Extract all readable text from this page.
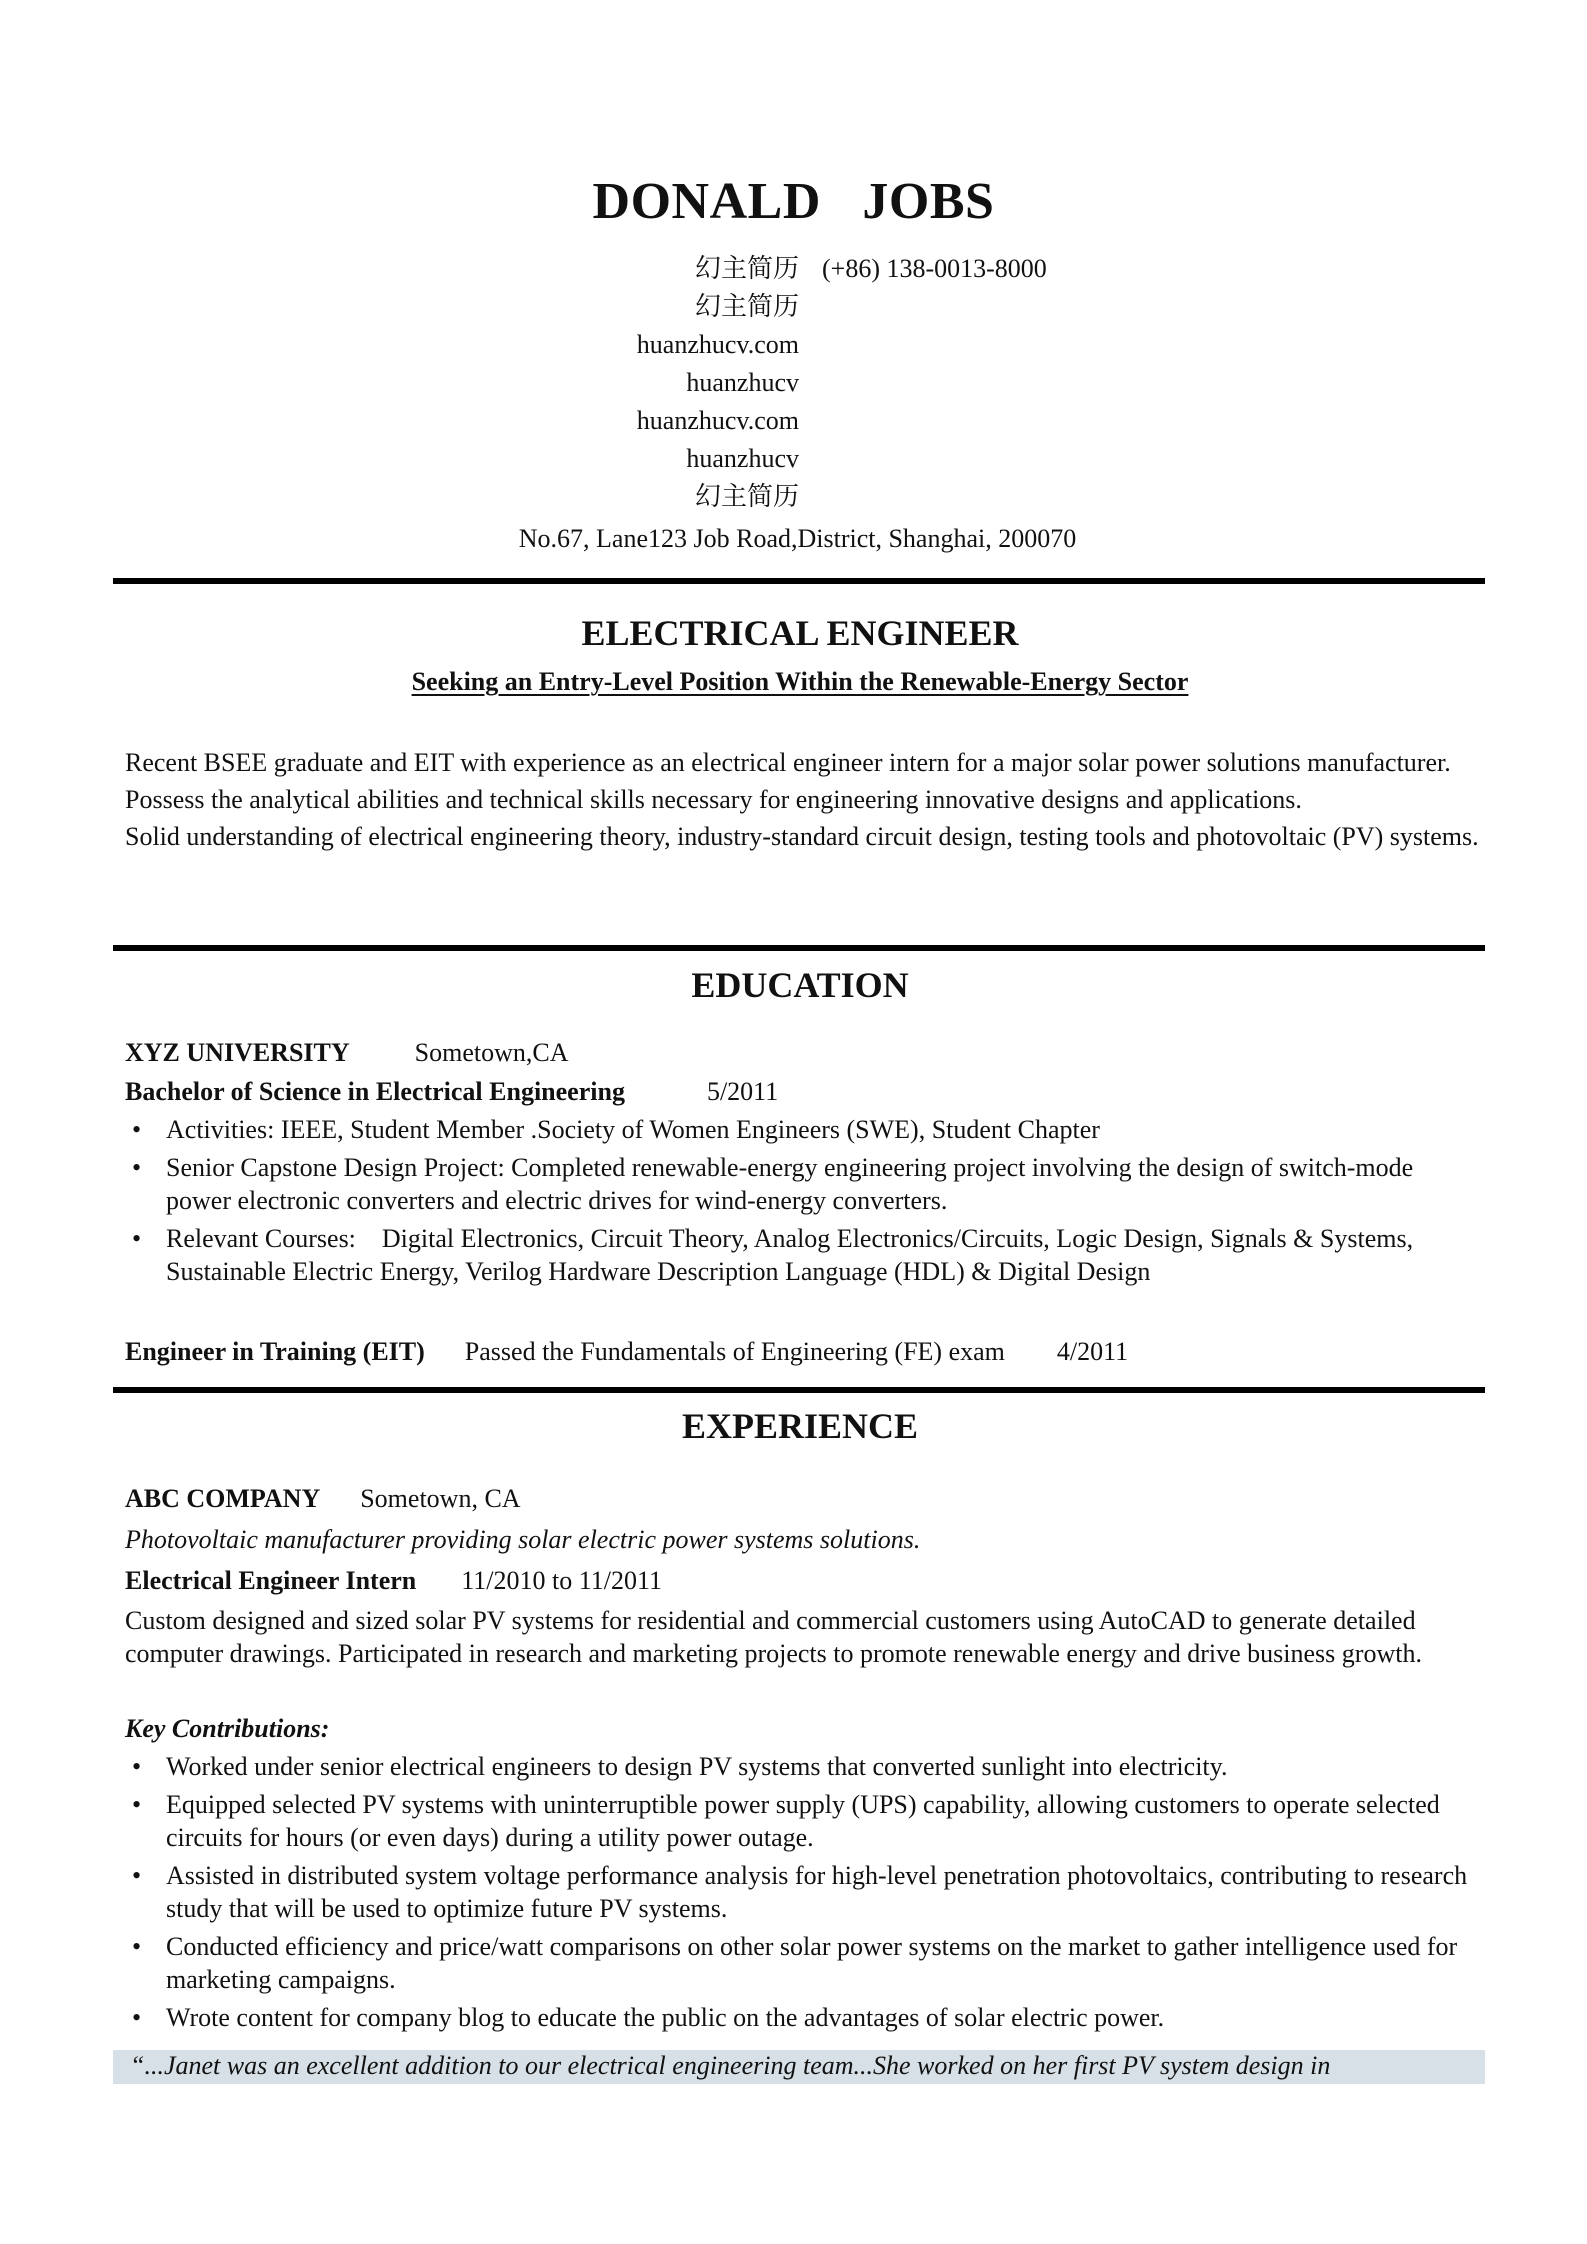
DONALD JOBS
幻主简历 (+86) 138-0013-8000
幻主简历
huanzhucv.com
huanzhucv
huanzhucv.com
huanzhucv
幻主简历
No.67, Lane123 Job Road,District, Shanghai, 200070
ELECTRICAL ENGINEER
Seeking an Entry-Level Position Within the Renewable-Energy Sector

Recent BSEE graduate and EIT with experience as an electrical engineer intern for a major solar power solutions manufacturer.

Possess the analytical abilities and technical skills necessary for engineering innovative designs and applications.

Solid understanding of electrical engineering theory, industry-standard circuit design, testing tools and photovoltaic (PV) systems.

EDUCATION
XYZ UNIVERSITY	Sometown,CA
Bachelor of Science in Electrical Engineering	5/2011
• Activities: IEEE, Student Member .Society of Women Engineers (SWE), Student Chapter
• Senior Capstone Design Project: Completed renewable-energy engineering project involving the design of switch-mode power electronic converters and electric drives for wind-energy converters.
• Relevant Courses:    Digital Electronics, Circuit Theory, Analog Electronics/Circuits, Logic Design, Signals & Systems, Sustainable Electric Energy, Verilog Hardware Description Language (HDL) & Digital Design
Engineer in Training (EIT) Passed the Fundamentals of Engineering (FE) exam 4/2011
EXPERIENCE
ABC COMPANY Sometown, CA
Photovoltaic manufacturer providing solar electric power systems solutions.
Electrical Engineer Intern 11/2010 to 11/2011

Custom designed and sized solar PV systems for residential and commercial customers using AutoCAD to generate detailed computer drawings. Participated in research and marketing projects to promote renewable energy and drive business growth.

Key Contributions:
• Worked under senior electrical engineers to design PV systems that converted sunlight into electricity.
• Equipped selected PV systems with uninterruptible power supply (UPS) capability, allowing customers to operate selected circuits for hours (or even days) during a utility power outage.
• Assisted in distributed system voltage performance analysis for high-level penetration photovoltaics, contributing to research study that will be used to optimize future PV systems.
• Conducted efficiency and price/watt comparisons on other solar power systems on the market to gather intelligence used for marketing campaigns.
• Wrote content for company blog to educate the public on the advantages of solar electric power.
“...Janet was an excellent addition to our electrical engineering team...She worked on her first PV system design in
